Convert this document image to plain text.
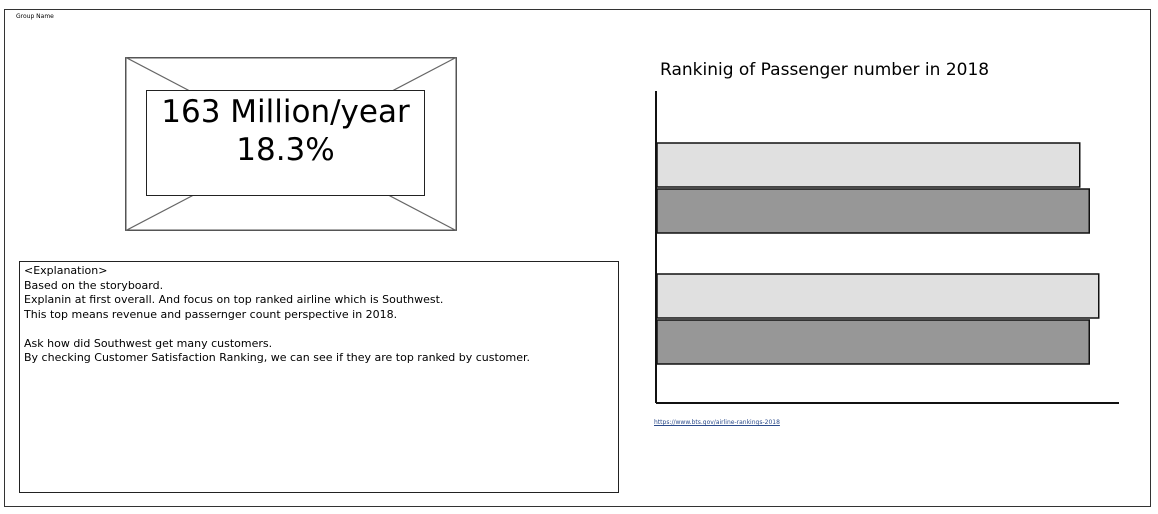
Group Name
163 Million/year
18.3%
<Explanation>
Based on the storyboard.
Explanin at first overall. And focus on top ranked airline which is Southwest.
This top means revenue and passernger count perspective in 2018.
Ask how did Southwest get many customers.
By checking Customer Satisfaction Ranking, we can see if they are top ranked by customer.
Rankinig of Passenger number in 2018
https://www.bts.gov/airline-rankings-2018
